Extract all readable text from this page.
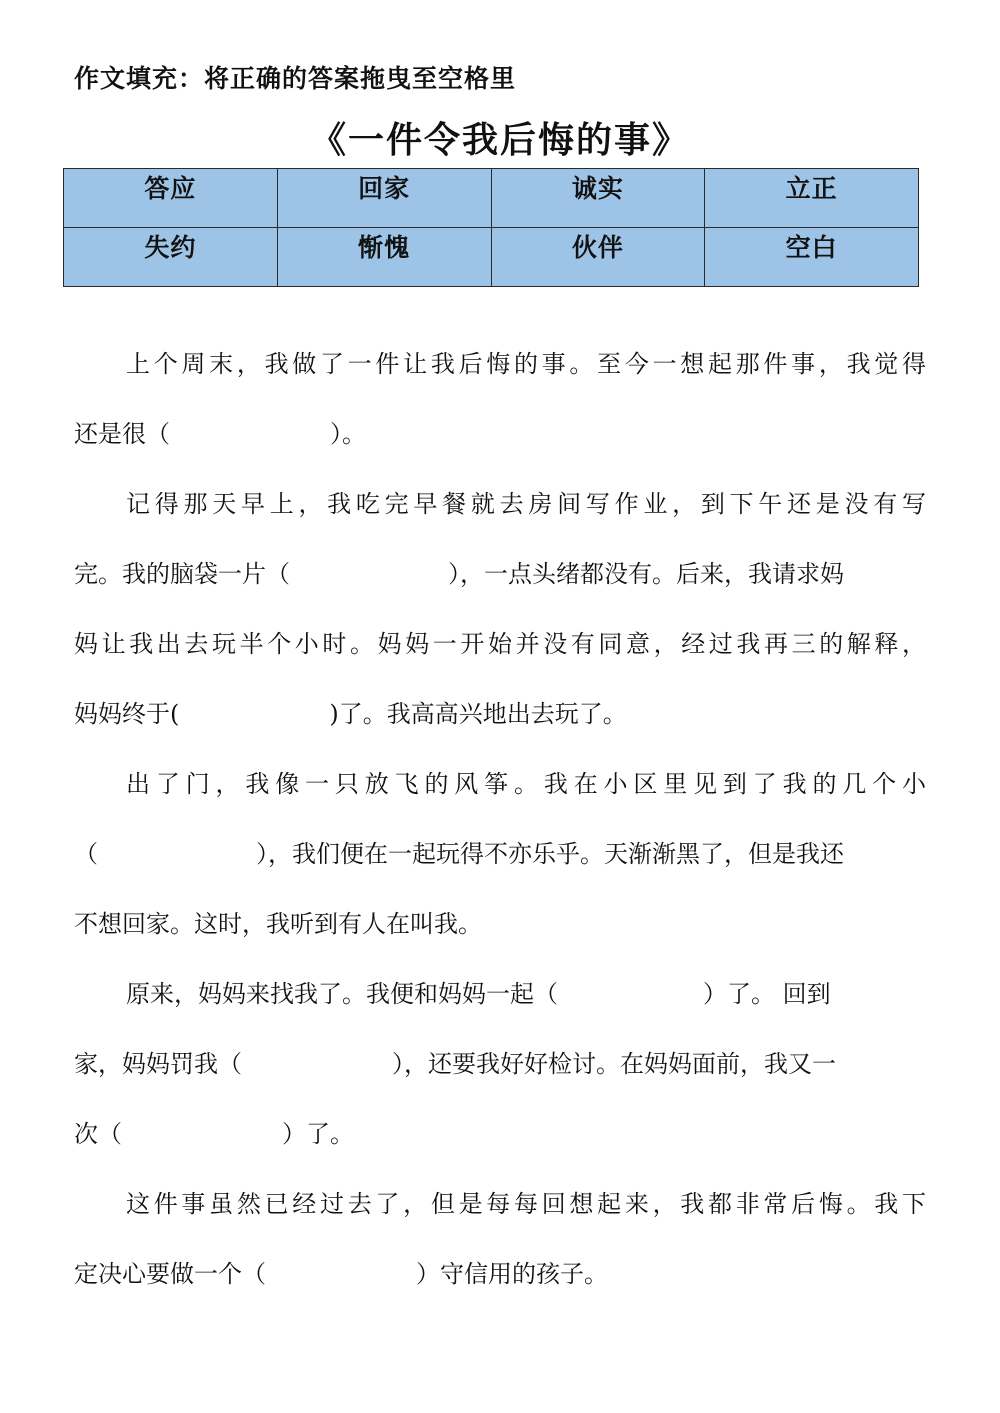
作文填充：将正确的答案拖曳至空格里
《一件令我后悔的事》
答应	回家	诚实	立正
失约	惭愧	伙伴	空白
上个周末，我做了一件让我后悔的事。至今一想起那件事，我觉得
还是很（	）。
记得那天早上，我吃完早餐就去房间写作业，到下午还是没有写
完。我的脑袋一片（	），一点头绪都没有。后来，我请求妈
妈让我出去玩半个小时。妈妈一开始并没有同意，经过我再三的解释，
妈妈终于(	)了。我高高兴地出去玩了。
出了门，我像一只放飞的风筝。我在小区里见到了我的几个小
（	），我们便在一起玩得不亦乐乎。天渐渐黑了，但是我还
不想回家。这时，我听到有人在叫我。
原来，妈妈来找我了。我便和妈妈一起（	）了。 回到
家，妈妈罚我（	），还要我好好检讨。在妈妈面前，我又一
次（	）了。
这件事虽然已经过去了，但是每每回想起来，我都非常后悔。我下
定决心要做一个（	）守信用的孩子。
